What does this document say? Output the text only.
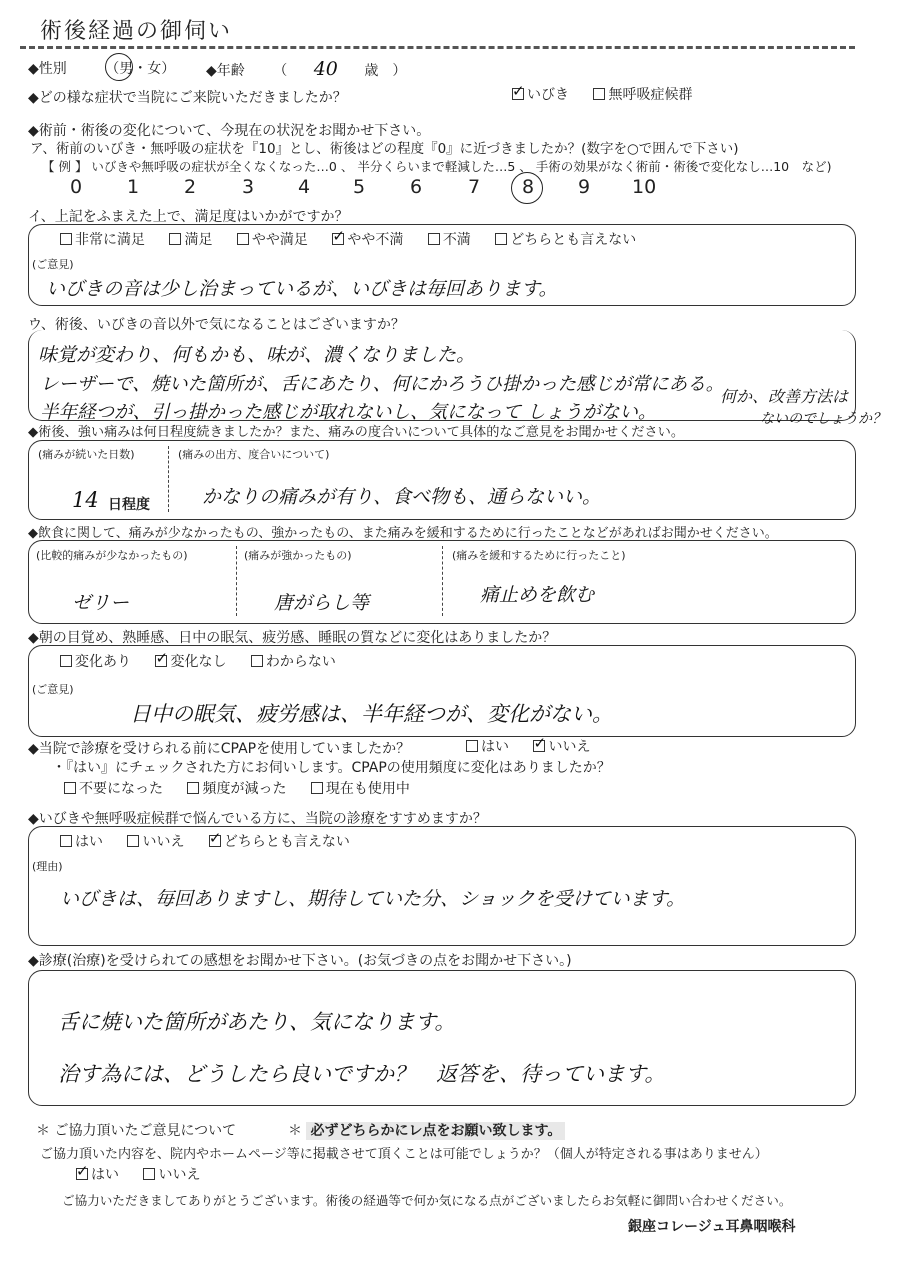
術後経過の御伺い
◆性別	（男・女） ◆年齢 （ 40 歳　）
◆どの様な症状で当院にご来院いただきましたか？ ✓	いびき	無呼吸症候群
◆術前・術後の変化について、今現在の状況をお聞かせ下さい。
ア、術前のいびき・無呼吸の症状を『10』とし、術後はどの程度『0』に近づきましたか？(数字を○で囲んで下さい)
【 例 】 いびきや無呼吸の症状が全くなくなった…0 、 半分くらいまで軽減した…5 、 手術の効果がなく術前・術後で変化なし…10　など)
0 1 2 3 4 5 6 7 8 9 10
イ、上記をふまえた上で、満足度はいかがですか？
非常に満足	満足	やや満足 ✓	やや不満	不満	どちらとも言えない
(ご意見)
いびきの音は少し治まっているが、いびきは毎回あります。
ウ、術後、いびきの音以外で気になることはございますか？
味覚が変わり、何もかも、味が、濃くなりました。
レーザーで、焼いた箇所が、舌にあたり、何にかろうひ掛かった感じが常にある。
半年経つが、引っ掛かった感じが取れないし、気になって しょうがない。
何か、改善方法は
ないのでしょうか？
◆術後、強い痛みは何日程度続きましたか？また、痛みの度合いについて具体的なご意見をお聞かせください。
(痛みが続いた日数)	(痛みの出方、度合いについて)
14 日程度	かなりの痛みが有り、食べ物も、通らないい。
◆飲食に関して、痛みが少なかったもの、強かったもの、また痛みを緩和するために行ったことなどがあればお聞かせください。
(比較的痛みが少なかったもの)	(痛みが強かったもの)	(痛みを緩和するために行ったこと)
ゼリー	唐がらし等	痛止めを飲む
◆朝の目覚め、熟睡感、日中の眠気、疲労感、睡眠の質などに変化はありましたか？
変化あり ✓	変化なし	わからない
(ご意見)
日中の眠気、疲労感は、半年経つが、変化がない。
◆当院で診療を受けられる前にCPAPを使用していましたか？	はい ✓	いいえ
・『はい』にチェックされた方にお伺いします。CPAPの使用頻度に変化はありましたか？
不要になった	頻度が減った	現在も使用中
◆いびきや無呼吸症候群で悩んでいる方に、当院の診療をすすめますか？
はい	いいえ ✓	どちらとも言えない
(理由)
いびきは、毎回ありますし、期待していた分、ショックを受けています。
◆診療(治療)を受けられての感想をお聞かせ下さい。(お気づきの点をお聞かせ下さい。)
舌に焼いた箇所があたり、気になります。
治す為には、どうしたら良いですか？　返答を、待っています。
＊ ご協力頂いたご意見について	＊ 必ずどちらかにレ点をお願い致します。
ご協力頂いた内容を、院内やホームページ等に掲載させて頂くことは可能でしょうか？（個人が特定される事はありません）
✓はい	いいえ
ご協力いただきましてありがとうございます。術後の経過等で何か気になる点がございましたらお気軽に御問い合わせください。
銀座コレージュ耳鼻咽喉科
